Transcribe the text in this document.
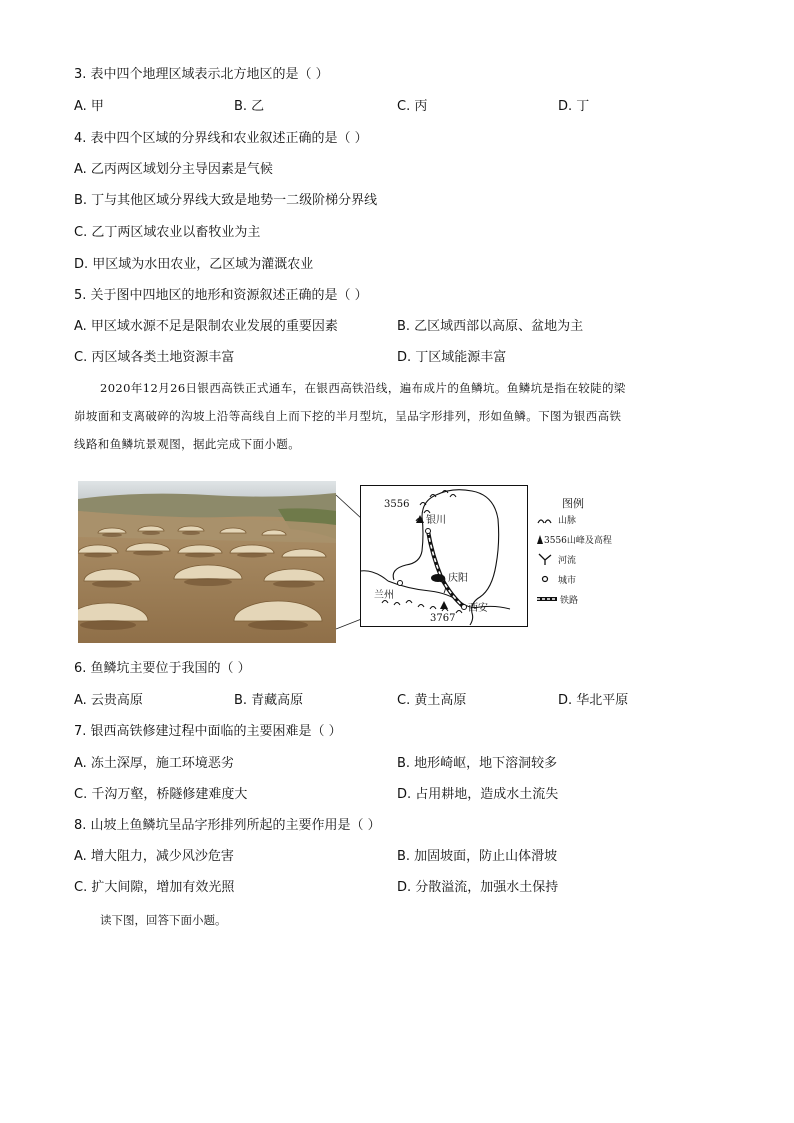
3. 表中四个地理区域表示北方地区的是（ ）
A. 甲	B. 乙	C. 丙	D. 丁
4. 表中四个区域的分界线和农业叙述正确的是（ ）
A. 乙丙两区域划分主导因素是气候
B. 丁与其他区域分界线大致是地势一二级阶梯分界线
C. 乙丁两区域农业以畜牧业为主
D. 甲区域为水田农业，乙区域为灌溉农业
5. 关于图中四地区的地形和资源叙述正确的是（ ）
A. 甲区域水源不足是限制农业发展的重要因素	B. 乙区域西部以高原、盆地为主
C. 丙区域各类土地资源丰富	D. 丁区域能源丰富
2020年12月26日银西高铁正式通车，在银西高铁沿线，遍布成片的鱼鳞坑。鱼鳞坑是指在较陡的梁
峁坡面和支离破碎的沟坡上沿等高线自上而下挖的半月型坑，呈品字形排列，形如鱼鳞。下图为银西高铁
线路和鱼鳞坑景观图，据此完成下面小题。
3556
银川
兰州
庆阳
西安
3767
图例
山脉
3556山峰及高程
河流
城市
铁路
6. 鱼鳞坑主要位于我国的（ ）
A. 云贵高原	B. 青藏高原	C. 黄土高原	D. 华北平原
7. 银西高铁修建过程中面临的主要困难是（ ）
A. 冻土深厚，施工环境恶劣	B. 地形崎岖，地下溶洞较多
C. 千沟万壑，桥隧修建难度大	D. 占用耕地，造成水土流失
8. 山坡上鱼鳞坑呈品字形排列所起的主要作用是（ ）
A. 增大阻力，减少风沙危害	B. 加固坡面，防止山体滑坡
C. 扩大间隙，增加有效光照	D. 分散溢流，加强水土保持
读下图，回答下面小题。
